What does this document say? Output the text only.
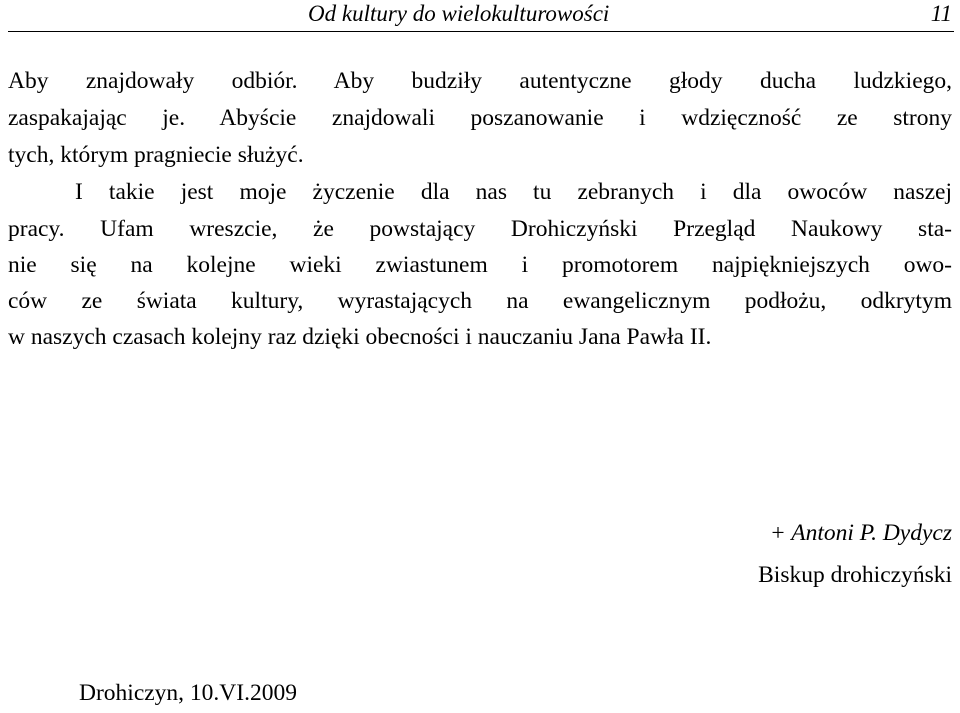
Od kultury do wielokulturowości	11
Aby znajdowały odbiór. Aby budziły autentyczne głody ducha ludzkiego,
zaspakajając je. Abyście znajdowali poszanowanie i wdzięczność ze strony
tych, którym pragniecie służyć.
I takie jest moje życzenie dla nas tu zebranych i dla owoców naszej
pracy. Ufam wreszcie, że powstający Drohiczyński Przegląd Naukowy sta-
nie się na kolejne wieki zwiastunem i promotorem najpiękniejszych owo-
ców ze świata kultury, wyrastających na ewangelicznym podłożu, odkrytym
w naszych czasach kolejny raz dzięki obecności i nauczaniu Jana Pawła II.
+ Antoni P. Dydycz
Biskup drohiczyński
Drohiczyn, 10.VI.2009
